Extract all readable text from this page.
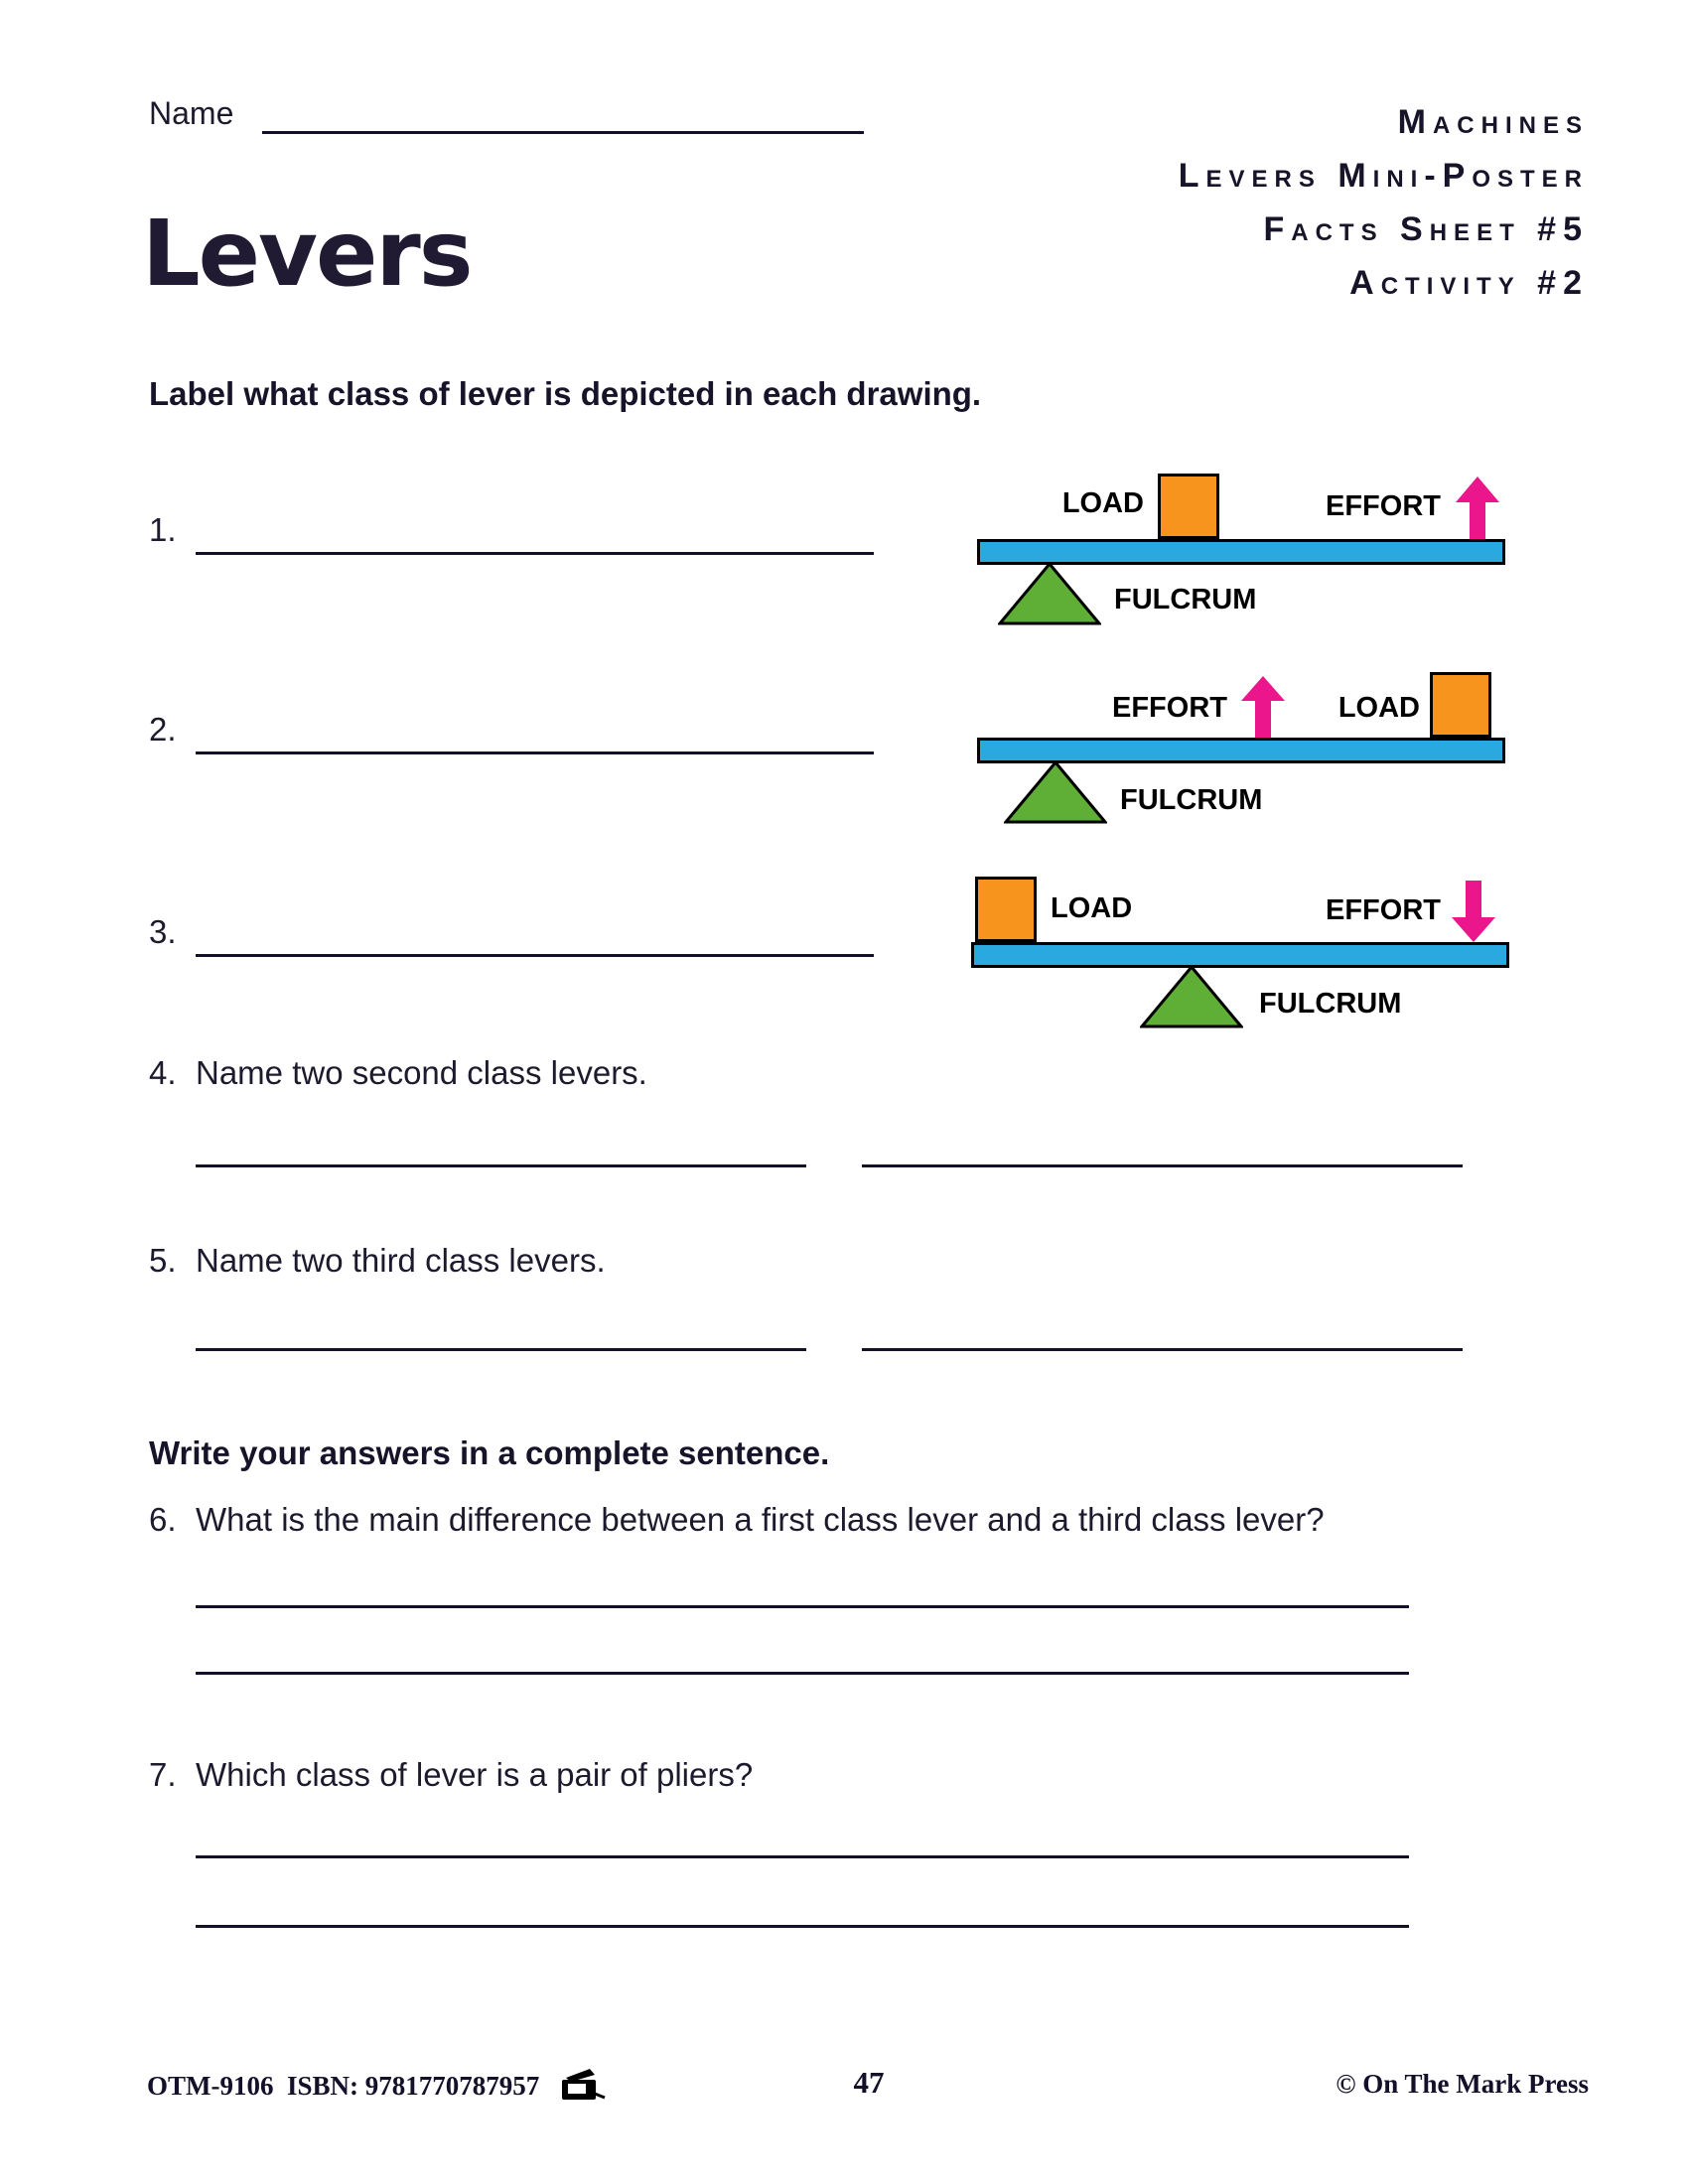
Name	Machines
Levers Mini-Poster
Facts Sheet #5
Activity #2
Levers
Label what class of lever is depicted in each drawing.
1.
LOAD	EFFORT
FULCRUM
2.
EFFORT	LOAD
FULCRUM
3.
LOAD	EFFORT
FULCRUM
4. Name two second class levers.
5. Name two third class levers.
Write your answers in a complete sentence.
6. What is the main difference between a first class lever and a third class lever?
7. Which class of lever is a pair of pliers?
OTM-9106 ISBN: 9781770787957	47	© On The Mark Press
